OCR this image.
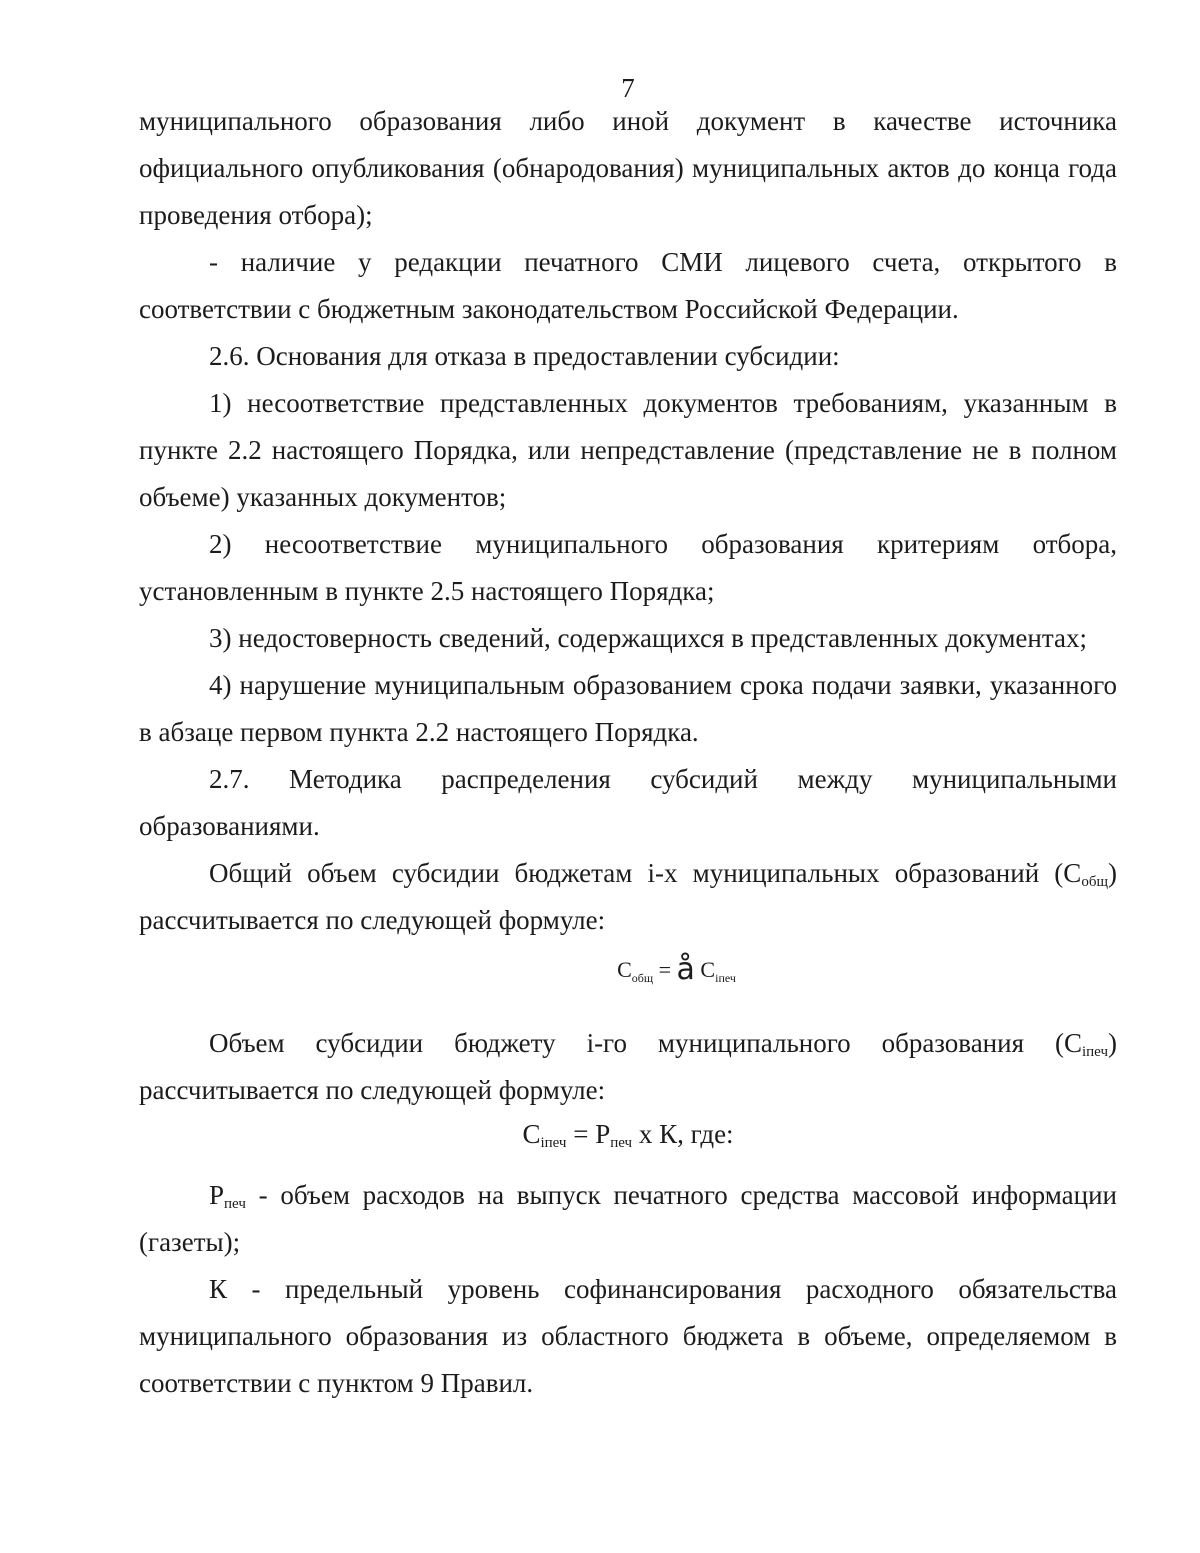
7

муниципального образования либо иной документ в качестве источника официального опубликования (обнародования) муниципальных актов до конца года проведения отбора);

- наличие у редакции печатного СМИ лицевого счета, открытого в соответствии с бюджетным законодательством Российской Федерации.

2.6. Основания для отказа в предоставлении субсидии:

1) несоответствие представленных документов требованиям, указанным в пункте 2.2 настоящего Порядка, или непредставление (представление не в полном объеме) указанных документов;

2) несоответствие муниципального образования критериям отбора, установленным в пункте 2.5 настоящего Порядка;

3) недостоверность сведений, содержащихся в представленных документах;

4) нарушение муниципальным образованием срока подачи заявки, указанного в абзаце первом пункта 2.2 настоящего Порядка.

2.7. Методика распределения субсидий между муниципальными образованиями.

Общий объем субсидии бюджетам i-х муниципальных образований $(С_{общ})$ рассчитывается по следующей формуле:

$С_{общ}$ = å $С_{iпеч}$

Объем субсидии бюджету i-го муниципального образования $(С_{iпеч})$ рассчитывается по следующей формуле:

$С_{iпеч} = Р_{печ}$ х К, где:

$Р_{печ}$ - объем расходов на выпуск печатного средства массовой информации (газеты);

К - предельный уровень софинансирования расходного обязательства муниципального образования из областного бюджета в объеме, определяемом в соответствии с пунктом 9 Правил.
